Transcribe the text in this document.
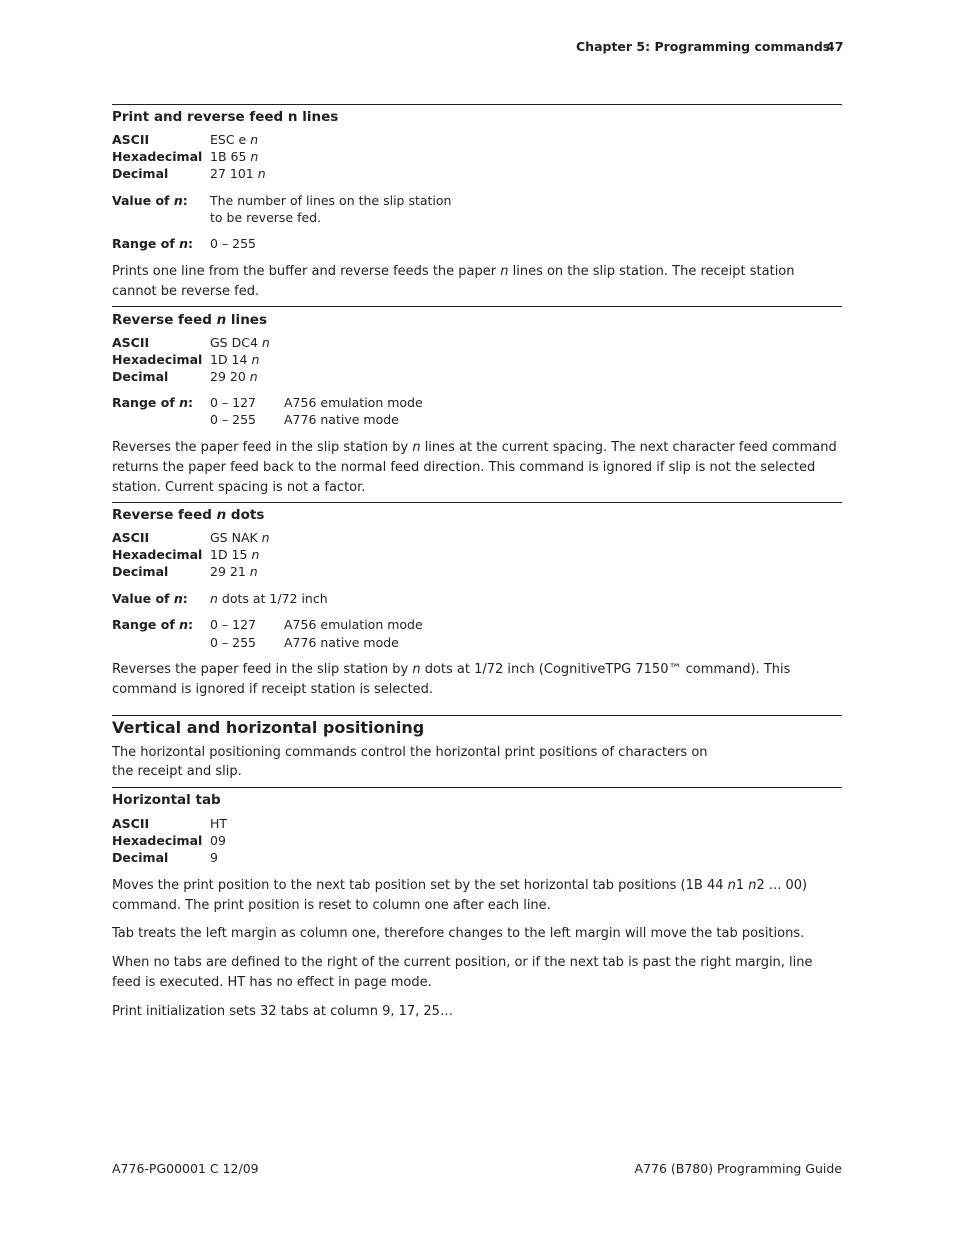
Chapter 5: Programming commands
47
Print and reverse feed n lines
ASCII
Hexadecimal
Decimal
ESC e n
1B 65 n
27 101 n
Value of n: The number of lines on the slip station
to be reverse fed.
Range of n: 0 – 255
Prints one line from the buffer and reverse feeds the paper n lines on the slip station. The receipt station cannot be reverse fed.
Reverse feed n lines
ASCII
Hexadecimal
Decimal
GS DC4 n
1D 14 n
29 20 n
Range of n: 0 – 127 A756 emulation mode
0 – 255 A776 native mode
Reverses the paper feed in the slip station by n lines at the current spacing. The next character feed command returns the paper feed back to the normal feed direction. This command is ignored if slip is not the selected station. Current spacing is not a factor.
Reverse feed n dots
ASCII
Hexadecimal
Decimal
GS NAK n
1D 15 n
29 21 n
Value of n: n dots at 1/72 inch
Range of n: 0 – 127 A756 emulation mode
0 – 255 A776 native mode
Reverses the paper feed in the slip station by n dots at 1/72 inch (CognitiveTPG 7150™ command). This command is ignored if receipt station is selected.
Vertical and horizontal positioning
The horizontal positioning commands control the horizontal print positions of characters on
the receipt and slip.
Horizontal tab
ASCII
Hexadecimal
Decimal
HT
09
9
Moves the print position to the next tab position set by the set horizontal tab positions (1B 44 n1 n2 ... 00) command. The print position is reset to column one after each line.
Tab treats the left margin as column one, therefore changes to the left margin will move the tab positions.
When no tabs are defined to the right of the current position, or if the next tab is past the right margin, line feed is executed. HT has no effect in page mode.
Print initialization sets 32 tabs at column 9, 17, 25…
A776-PG00001 C 12/09	A776 (B780) Programming Guide
